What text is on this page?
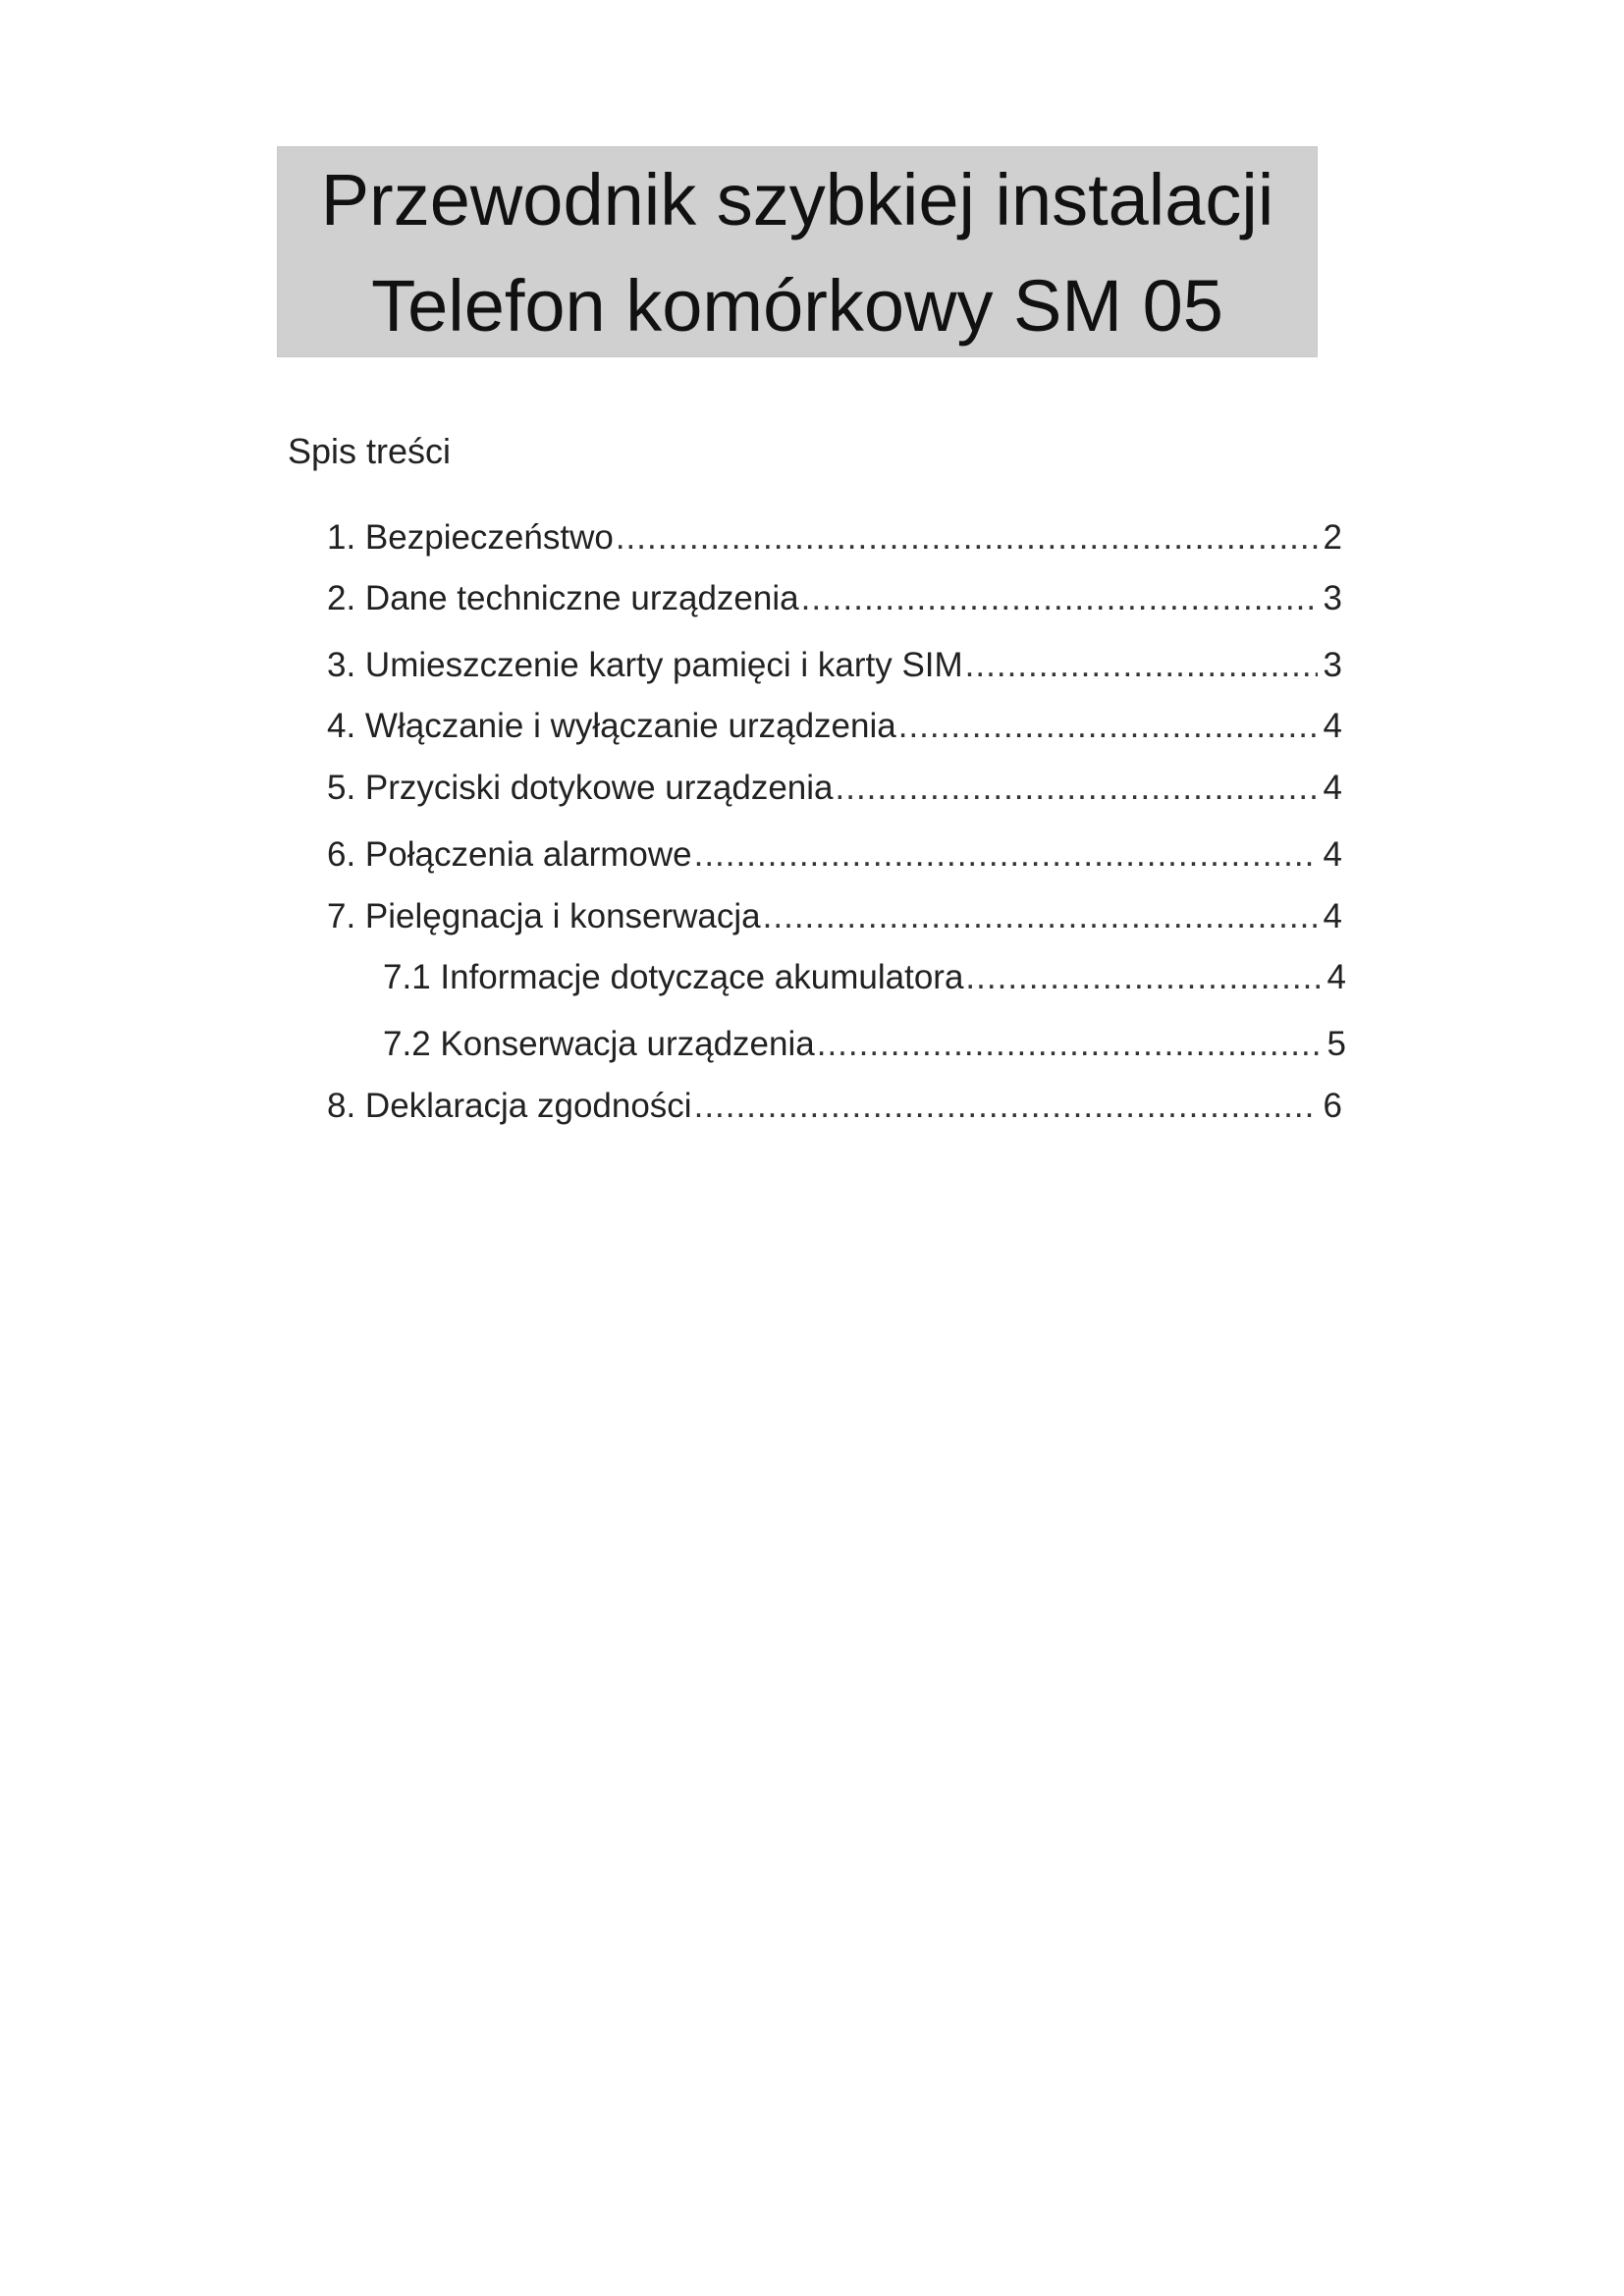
Przewodnik szybkiej instalacji
Telefon komórkowy SM 05
Spis treści
1. Bezpieczeństwo .....	2
2. Dane techniczne urządzenia .....	3
3. Umieszczenie karty pamięci i karty SIM .....	3
4. Włączanie i wyłączanie urządzenia .....	4
5. Przyciski dotykowe urządzenia .....	4
6. Połączenia alarmowe .....	4
7. Pielęgnacja i konserwacja .....	4
7.1 Informacje dotyczące akumulatora .....	4
7.2 Konserwacja urządzenia .....	5
8. Deklaracja zgodności .....	6
